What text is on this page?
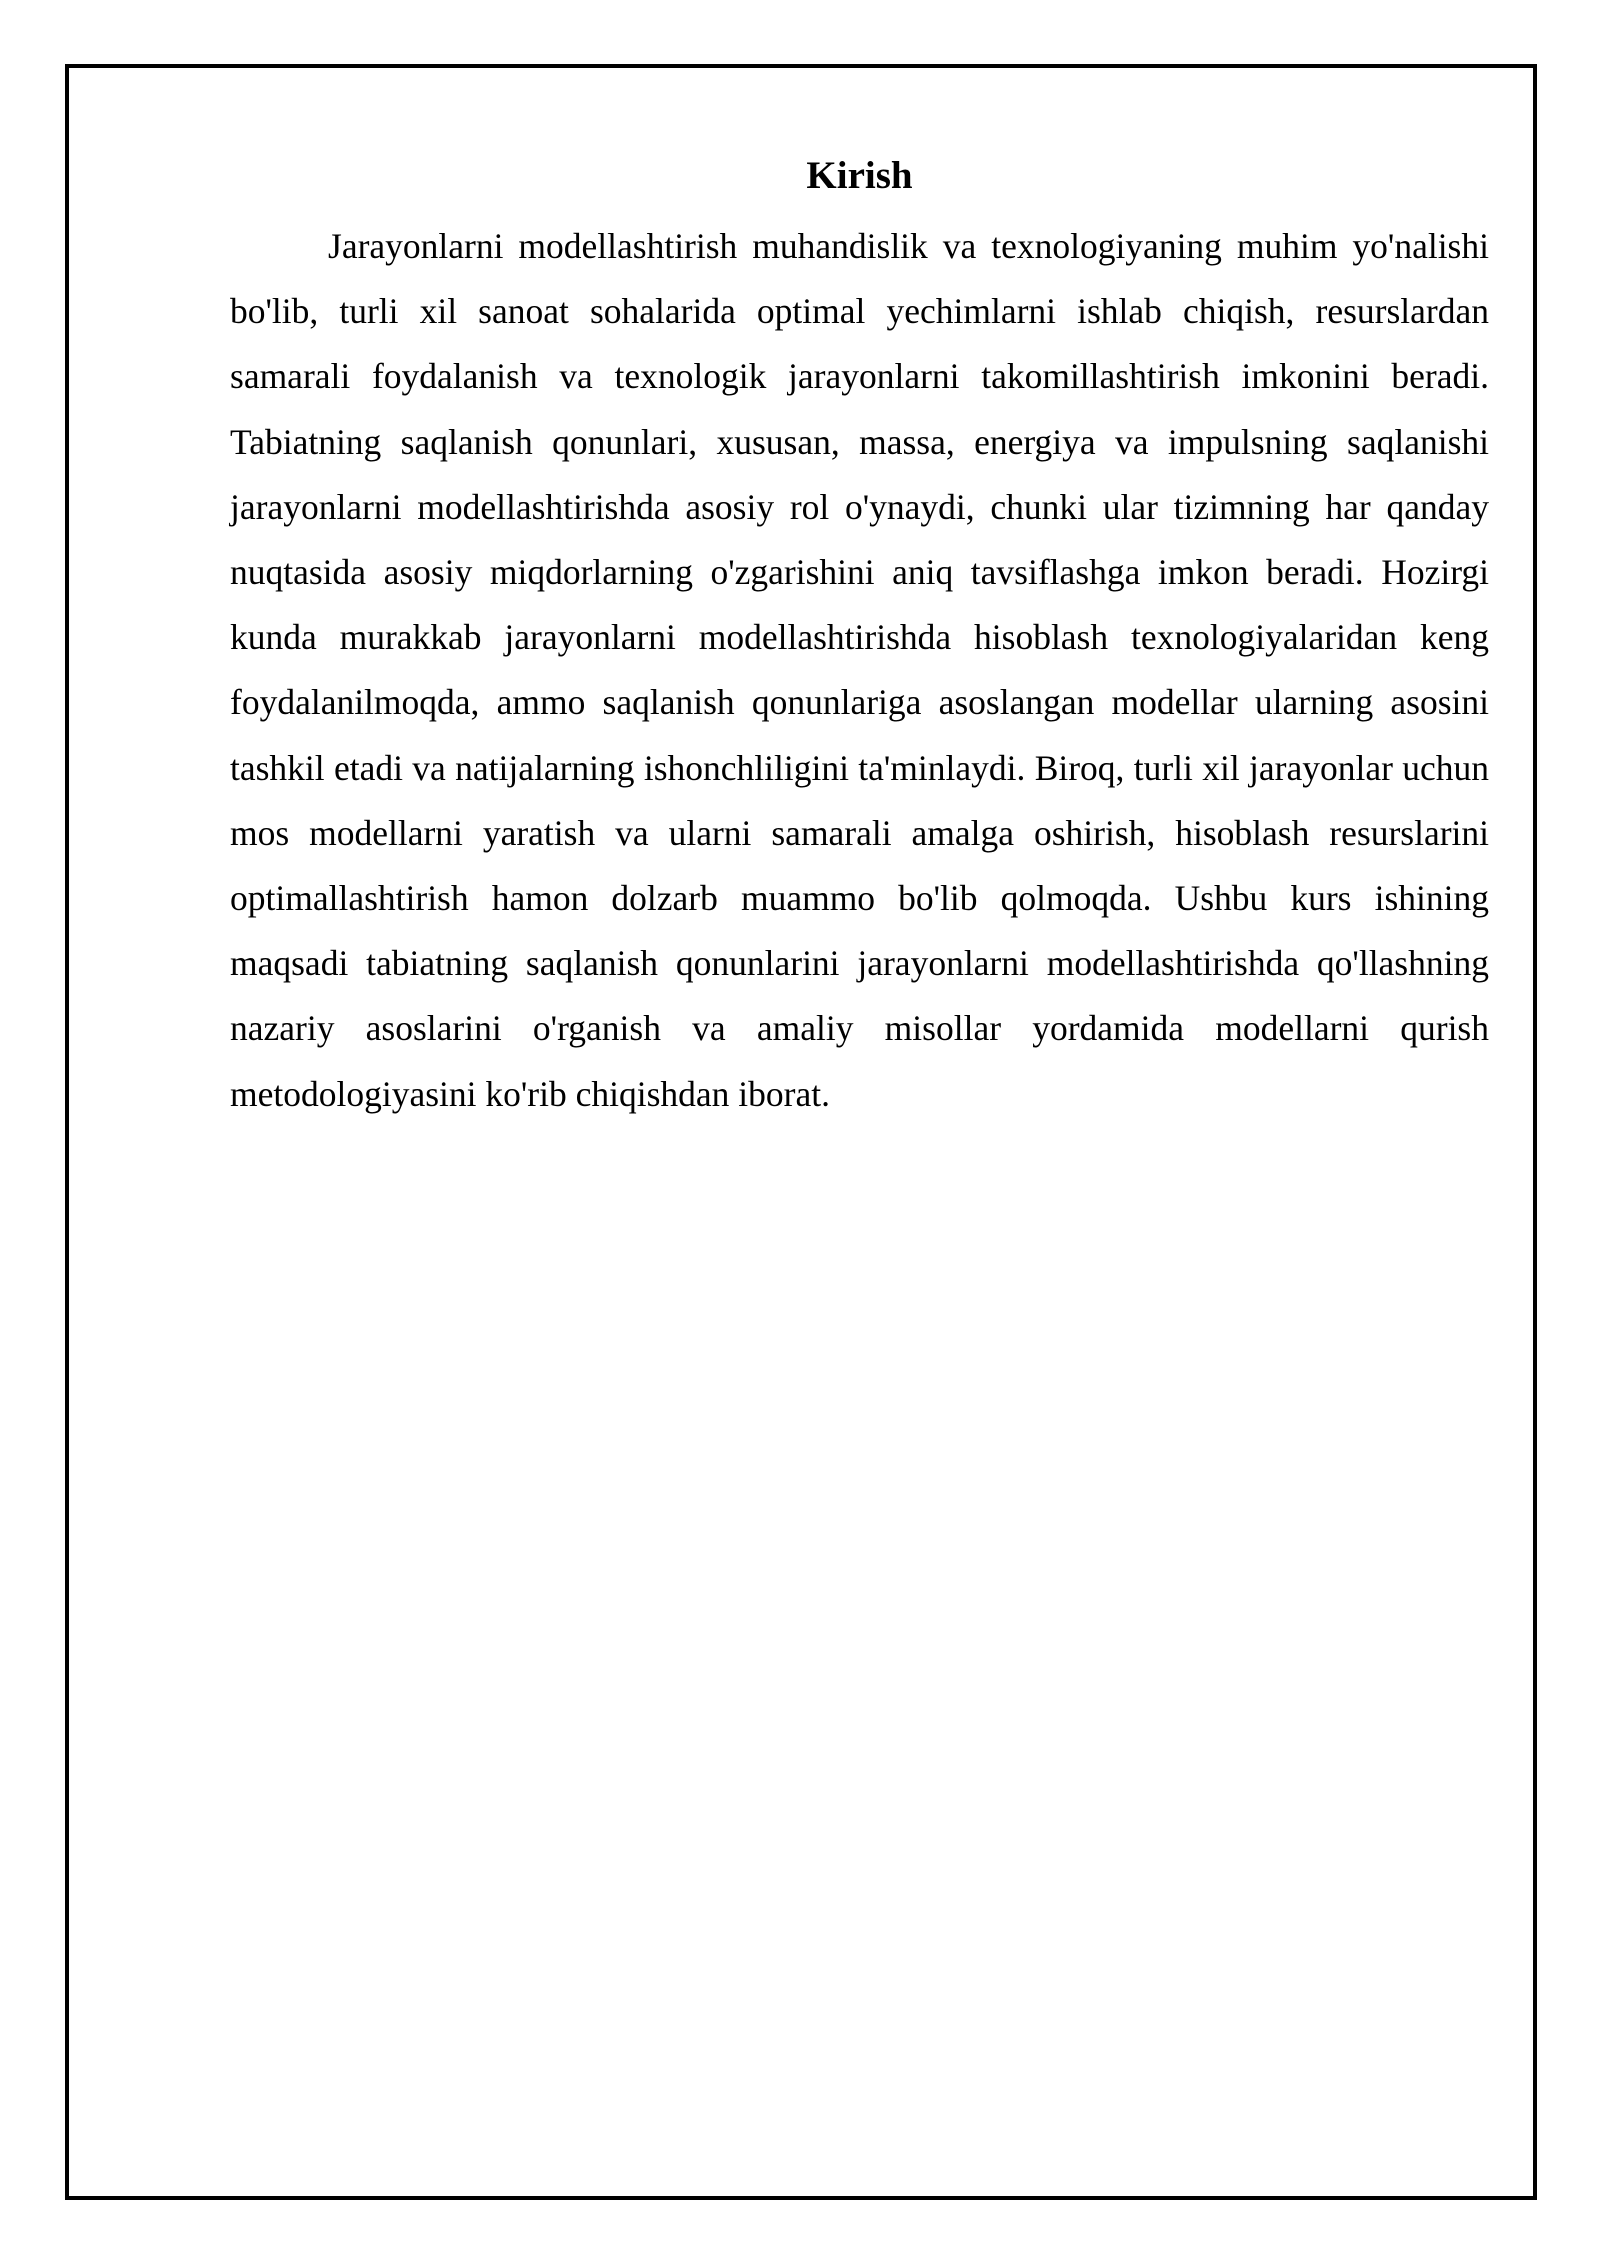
Kirish

Jarayonlarni modellashtirish muhandislik va texnologiyaning muhim yo'nalishi bo'lib, turli xil sanoat sohalarida optimal yechimlarni ishlab chiqish, resurslardan samarali foydalanish va texnologik jarayonlarni takomillashtirish imkonini beradi. Tabiatning saqlanish qonunlari, xususan, massa, energiya va impulsning saqlanishi jarayonlarni modellashtirishda asosiy rol o'ynaydi, chunki ular tizimning har qanday nuqtasida asosiy miqdorlarning o'zgarishini aniq tavsiflashga imkon beradi. Hozirgi kunda murakkab jarayonlarni modellashtirishda hisoblash texnologiyalaridan keng foydalanilmoqda, ammo saqlanish qonunlariga asoslangan modellar ularning asosini tashkil etadi va natijalarning ishonchliligini ta'minlaydi. Biroq, turli xil jarayonlar uchun mos modellarni yaratish va ularni samarali amalga oshirish, hisoblash resurslarini optimallashtirish hamon dolzarb muammo bo'lib qolmoqda. Ushbu kurs ishining maqsadi tabiatning saqlanish qonunlarini jarayonlarni modellashtirishda qo'llashning nazariy asoslarini o'rganish va amaliy misollar yordamida modellarni qurish metodologiyasini ko'rib chiqishdan iborat.
